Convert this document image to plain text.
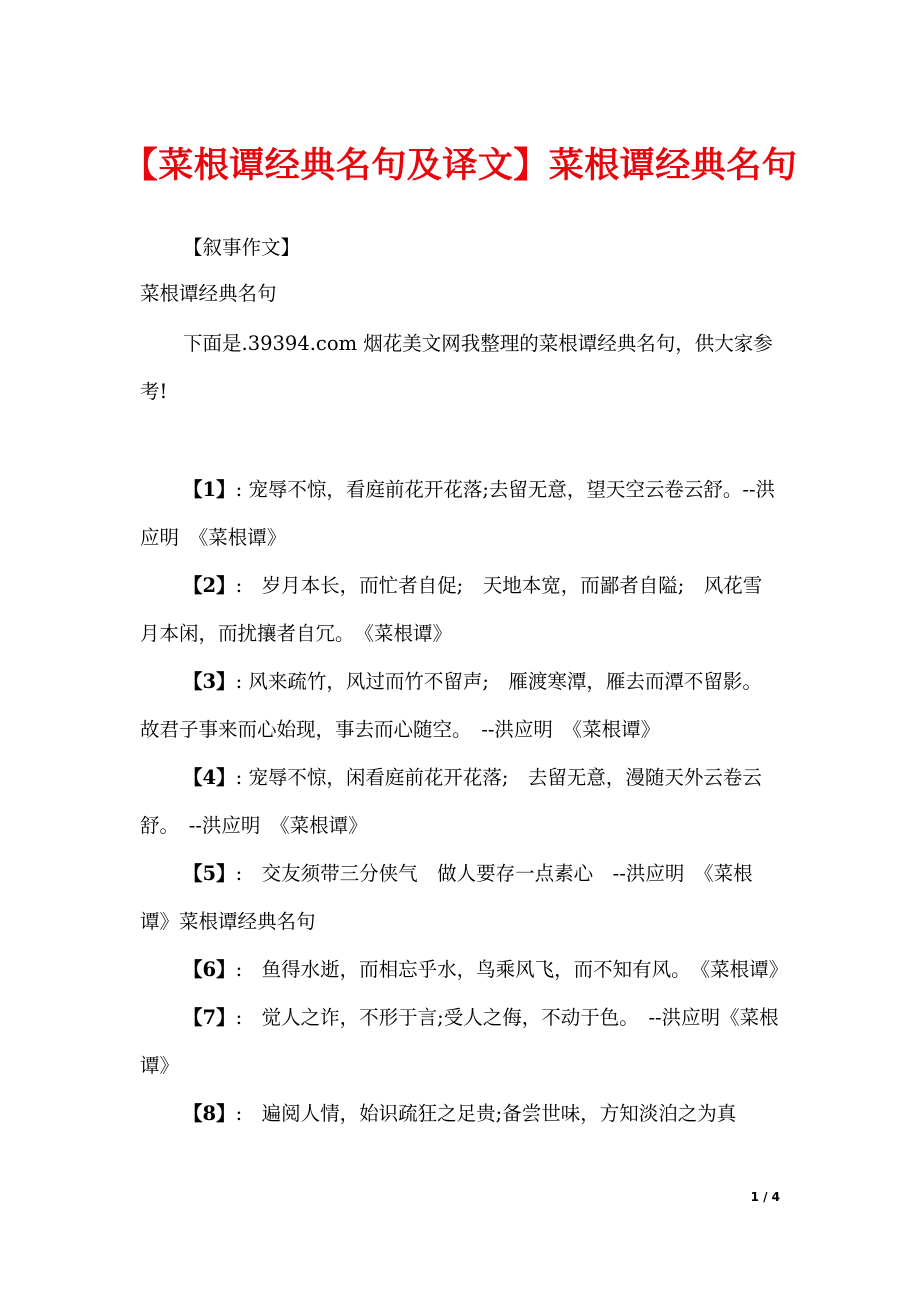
【菜根谭经典名句及译文】菜根谭经典名句
【叙事作文】
菜根谭经典名句

下面是.39394.com 烟花美文网我整理的菜根谭经典名句，供大家参考!

【1】: 宠辱不惊，看庭前花开花落;去留无意，望天空云卷云舒。--洪应明　《菜根谭》

【2】:　岁月本长，而忙者自促;　天地本宽，而鄙者自隘;　风花雪月本闲，而扰攘者自冗。　《菜根谭》

【3】: 风来疏竹，风过而竹不留声;　雁渡寒潭，雁去而潭不留影。故君子事来而心始现，事去而心随空。　--洪应明　《菜根谭》

【4】: 宠辱不惊，闲看庭前花开花落;　去留无意，漫随天外云卷云舒。　--洪应明　《菜根谭》

【5】:　交友须带三分侠气　做人要存一点素心　--洪应明　《菜根谭》菜根谭经典名句

【6】:　鱼得水逝，而相忘乎水，鸟乘风飞，而不知有风。　《菜根谭》

【7】:　觉人之诈，不形于言;受人之侮，不动于色。　--洪应明《菜根谭》

【8】:　遍阅人情，始识疏狂之足贵;备尝世味，方知淡泊之为真

1 / 4
